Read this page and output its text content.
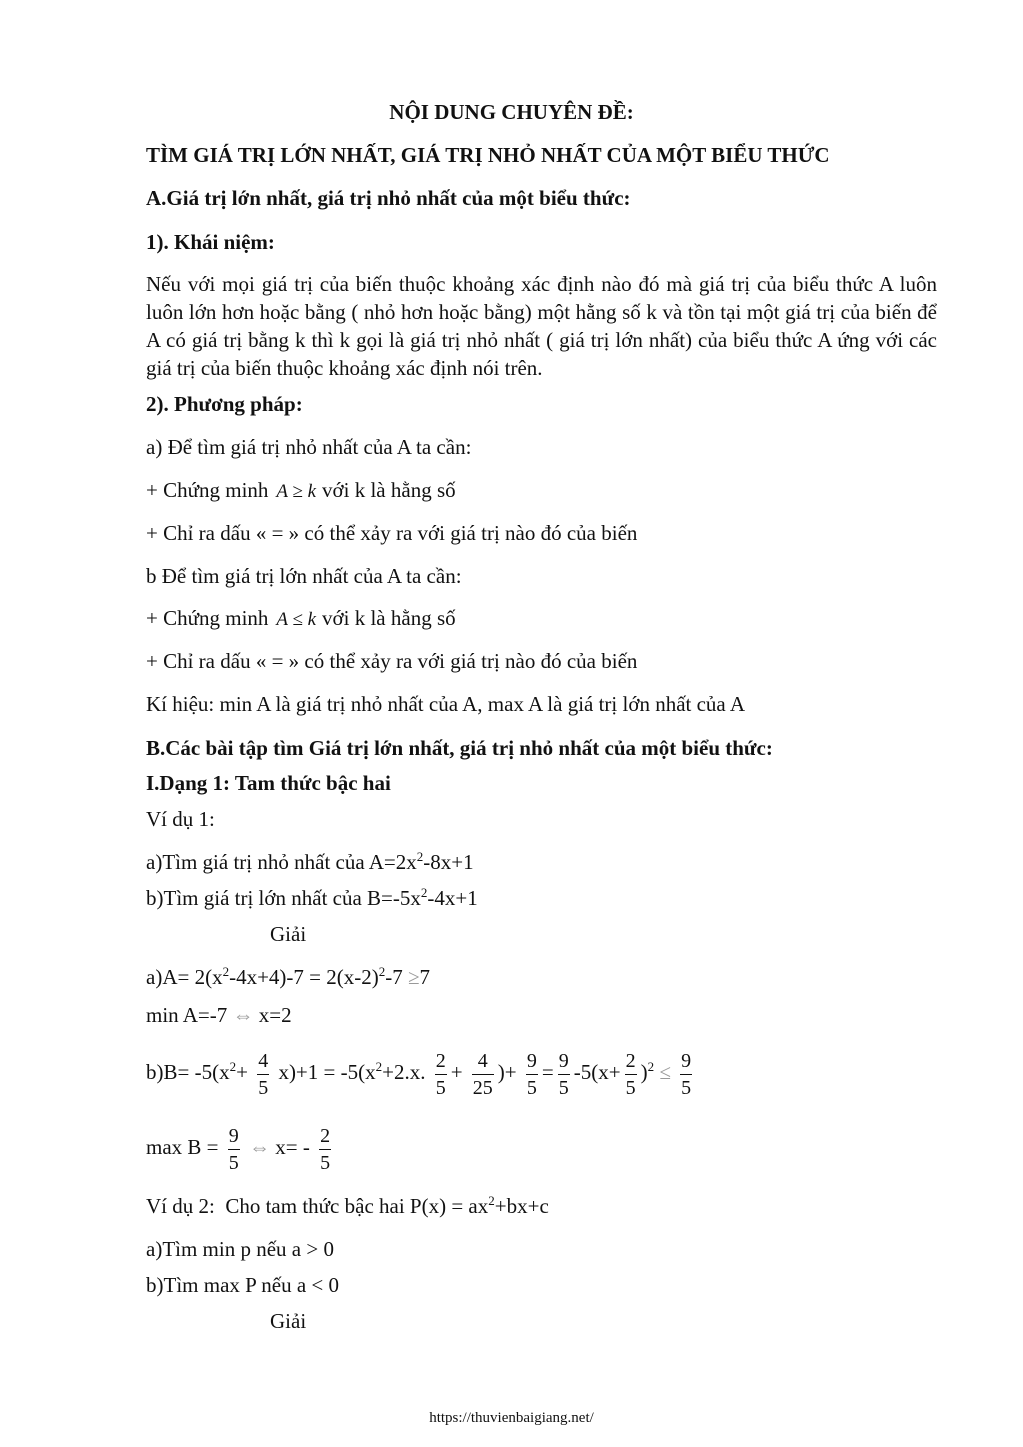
NỘI DUNG CHUYÊN ĐỀ:

TÌM GIÁ TRỊ LỚN NHẤT, GIÁ TRỊ NHỎ NHẤT CỦA MỘT BIỂU THỨC

A.Giá trị lớn nhất, giá trị nhỏ nhất của một biểu thức:

1). Khái niệm:

Nếu với mọi giá trị của biến thuộc khoảng xác định nào đó mà giá trị của biểu thức A luôn luôn lớn hơn hoặc bằng ( nhỏ hơn hoặc bằng) một hằng số k và tồn tại một giá trị của biến để A có giá trị bằng k thì k gọi là giá trị nhỏ nhất ( giá trị lớn nhất) của biểu thức A ứng với các giá trị của biến thuộc khoảng xác định nói trên.

2). Phương pháp:

a) Để tìm giá trị nhỏ nhất của A ta cần:

+ Chứng minh A ≥ k với k là hằng số

+ Chỉ ra dấu « = » có thể xảy ra với giá trị nào đó của biến

b Để tìm giá trị lớn nhất của A ta cần:

+ Chứng minh A ≤ k với k là hằng số

+ Chỉ ra dấu « = » có thể xảy ra với giá trị nào đó của biến

Kí hiệu: min A là giá trị nhỏ nhất của A, max A là giá trị lớn nhất của A

B.Các bài tập tìm Giá trị lớn nhất, giá trị nhỏ nhất của một biểu thức:

I.Dạng 1: Tam thức bậc hai

Ví dụ 1:

a)Tìm giá trị nhỏ nhất của $A=2x^2-8x+1$

b)Tìm giá trị lớn nhất của $B=-5x^2-4x+1$

Giải

$a)A= 2(x^2-4x+4)-7 = 2(x-2)^2-7 \ge 7$

min A=-7 ⇔ x=2

$b)B= -5(x^2+ \frac{4}{5} x)+1 = -5(x^2+2.x$. $\frac{2}{5} + \frac{4}{25}$ )+ $\frac{9}{5} = \frac{9}{5} -5(x+ \frac{2}{5} )^2 \le \frac{9}{5}$

$\max B = \frac{9}{5}$ ⇔ $x= - \frac{2}{5}$

Ví dụ 2:  Cho tam thức bậc hai $P(x) = ax^2+bx+c$

a)Tìm min p nếu a > 0

b)Tìm max P nếu a < 0

Giải

https://thuvienbaigiang.net/
